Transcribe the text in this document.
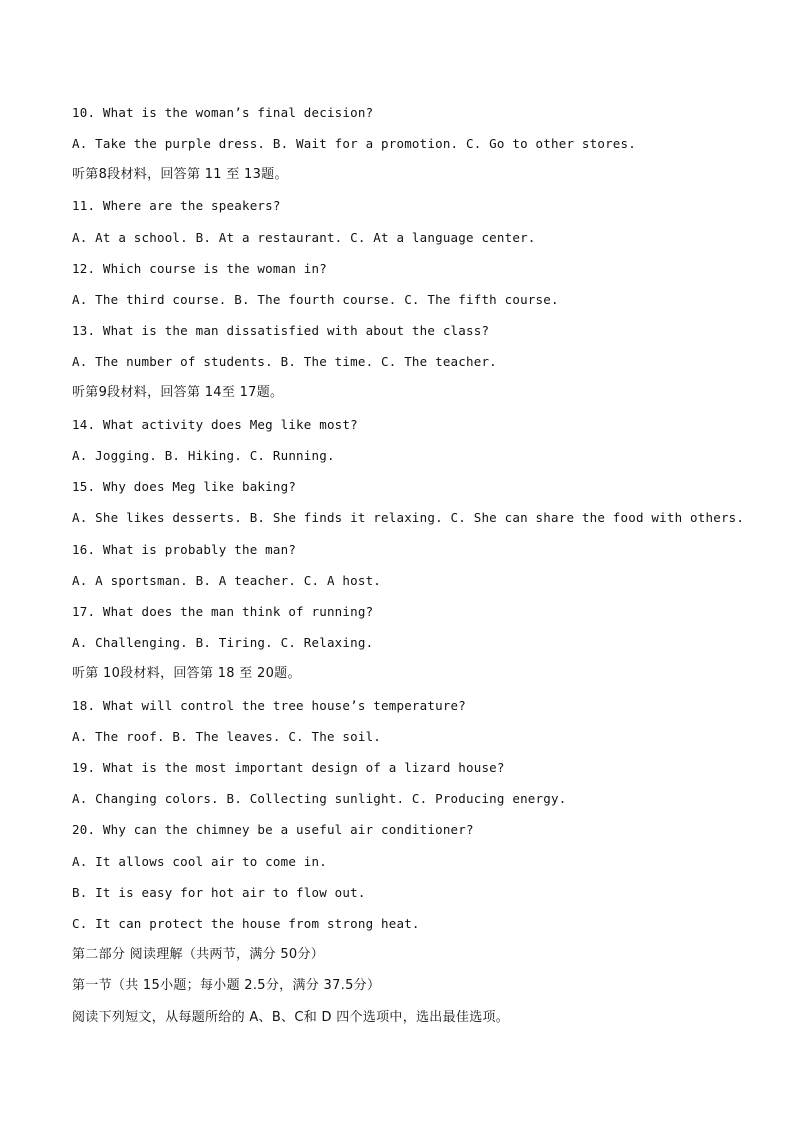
10. What is the woman’s final decision?

A. Take the purple dress. B. Wait for a promotion. C. Go to other stores.

听第8段材料，回答第 11 至 13题。

11. Where are the speakers?

A. At a school. B. At a restaurant. C. At a language center.

12. Which course is the woman in?

A. The third course. B. The fourth course. C. The fifth course.

13. What is the man dissatisfied with about the class?

A. The number of students. B. The time. C. The teacher.

听第9段材料，回答第 14至 17题。

14. What activity does Meg like most?

A. Jogging. B. Hiking. C. Running.

15. Why does Meg like baking?

A. She likes desserts. B. She finds it relaxing. C. She can share the food with others.

16. What is probably the man?

A. A sportsman. B. A teacher. C. A host.

17. What does the man think of running?

A. Challenging. B. Tiring. C. Relaxing.

听第 10段材料，回答第 18 至 20题。

18. What will control the tree house’s temperature?

A. The roof. B. The leaves. C. The soil.

19. What is the most important design of a lizard house?

A. Changing colors. B. Collecting sunlight. C. Producing energy.

20. Why can the chimney be a useful air conditioner?

A. It allows cool air to come in.

B. It is easy for hot air to flow out.

C. It can protect the house from strong heat.

第二部分 阅读理解（共两节，满分 50分）

第一节（共 15小题；每小题 2.5分，满分 37.5分）

阅读下列短文，从每题所给的 A、B、C和 D 四个选项中，选出最佳选项。
